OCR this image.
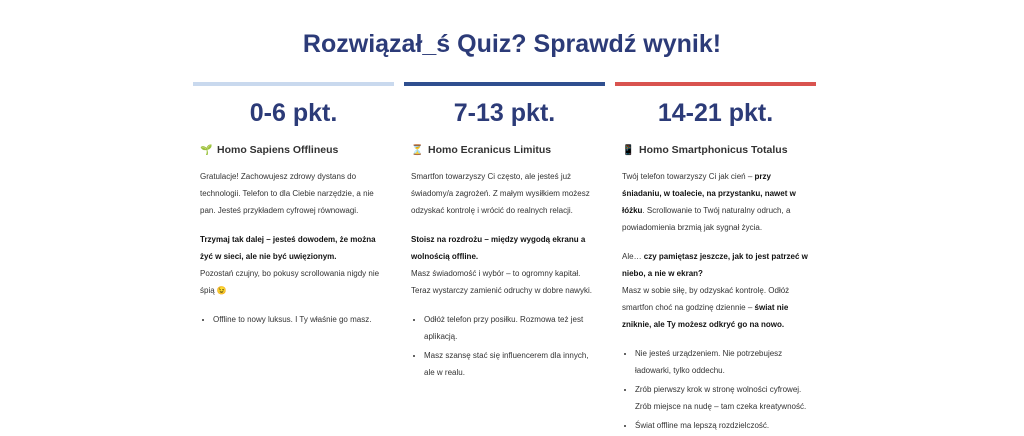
Rozwiązał_ś Quiz? Sprawdź wynik!
0-6 pkt.
🌱 Homo Sapiens Offlineus

Gratulacje! Zachowujesz zdrowy dystans do technologii. Telefon to dla Ciebie narzędzie, a nie pan. Jesteś przykładem cyfrowej równowagi.

Trzymaj tak dalej – jesteś dowodem, że można żyć w sieci, ale nie być uwięzionym.
Pozostań czujny, bo pokusy scrollowania nigdy nie śpią 😉

• Offline to nowy luksus. I Ty właśnie go masz.
7-13 pkt.
⏳ Homo Ecranicus Limitus

Smartfon towarzyszy Ci często, ale jesteś już świadomy/a zagrożeń. Z małym wysiłkiem możesz odzyskać kontrolę i wrócić do realnych relacji.

Stoisz na rozdrożu – między wygodą ekranu a wolnością offline.
Masz świadomość i wybór – to ogromny kapitał. Teraz wystarczy zamienić odruchy w dobre nawyki.

• Odłóż telefon przy posiłku. Rozmowa też jest aplikacją.
• Masz szansę stać się influencerem dla innych, ale w realu.
14-21 pkt.
📱 Homo Smartphonicus Totalus

Twój telefon towarzyszy Ci jak cień – przy śniadaniu, w toalecie, na przystanku, nawet w łóżku. Scrollowanie to Twój naturalny odruch, a powiadomienia brzmią jak sygnał życia.

Ale… czy pamiętasz jeszcze, jak to jest patrzeć w niebo, a nie w ekran?
Masz w sobie siłę, by odzyskać kontrolę. Odłóż smartfon choć na godzinę dziennie – świat nie zniknie, ale Ty możesz odkryć go na nowo.

• Nie jesteś urządzeniem. Nie potrzebujesz ładowarki, tylko oddechu.
• Zrób pierwszy krok w stronę wolności cyfrowej. Zrób miejsce na nudę – tam czeka kreatywność.
• Świat offline ma lepszą rozdzielczość.
